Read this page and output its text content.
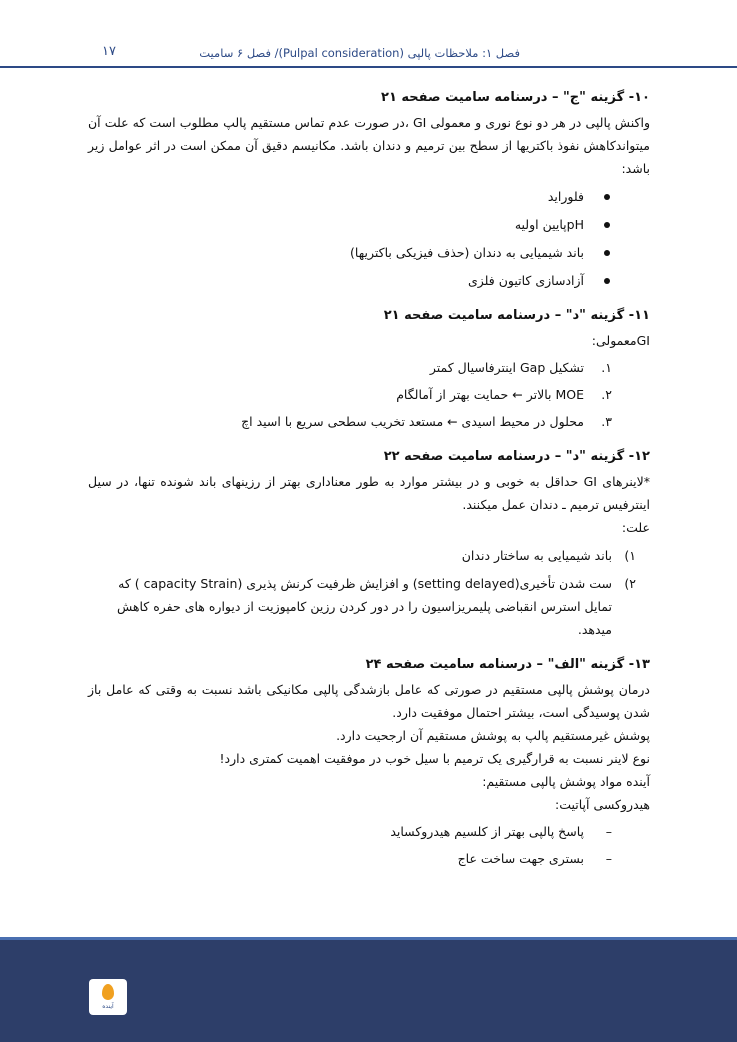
فصل ۱: ملاحظات پالپی (Pulpal consideration)/ فصل ۶ سامیت
۱۷
۱۰- گزینه "ج" – درسنامه سامیت صفحه ۲۱

واکنش پالپی در هر دو نوع نوری و معمولی GI ،در صورت عدم تماس مستقیم پالپ مطلوب است که علت آن میتواندکاهش نفوذ باکتریها از سطح بین ترمیم و دندان باشد. مکانیسم دقیق آن ممکن است در اثر عوامل زیر باشد:

فلوراید
pHپایین اولیه
باند شیمیایی به دندان (حذف فیزیکی باکتریها)
آزادسازی کاتیون فلزی
۱۱- گزینه "د" – درسنامه سامیت صفحه ۲۱

GIمعمولی:

۱.
تشکیل Gap اینترفاسیال کمتر
۲.
MOE بالاتر ← حمایت بهتر از آمالگام
۳.
محلول در محیط اسیدی ← مستعد تخریب سطحی سریع با اسید اچ
۱۲- گزینه "د" – درسنامه سامیت صفحه ۲۲

*لاینرهای GI حداقل به خوبی و در بیشتر موارد به طور معناداری بهتر از رزینهای باند شونده تنها، در سیل اینترفیس ترمیم ـ دندان عمل میکنند.

علت:

۱)
باند شیمیایی به ساختار دندان
۲)
ست شدن تأخیری(setting delayed) و افزایش ظرفیت کرنش پذیری (capacity Strain ) که تمایل استرس انقباضی پلیمریزاسیون را در دور کردن رزین کامپوزیت از دیواره های حفره کاهش میدهد.
۱۳- گزینه "الف" – درسنامه سامیت صفحه ۲۴

درمان پوشش پالپی مستقیم در صورتی که عامل بازشدگی پالپی مکانیکی باشد نسبت به وقتی که عامل باز شدن پوسیدگی است، بیشتر احتمال موفقیت دارد.

پوشش غیرمستقیم پالپ به پوشش مستقیم آن ارجحیت دارد.

نوع لاینر نسبت به قرارگیری یک ترمیم با سیل خوب در موفقیت اهمیت کمتری دارد!

آینده مواد پوشش پالپی مستقیم:

هیدروکسی آپاتیت:

– پاسخ پالپی بهتر از کلسیم هیدروکساید
– بستری جهت ساخت عاج
آینده
